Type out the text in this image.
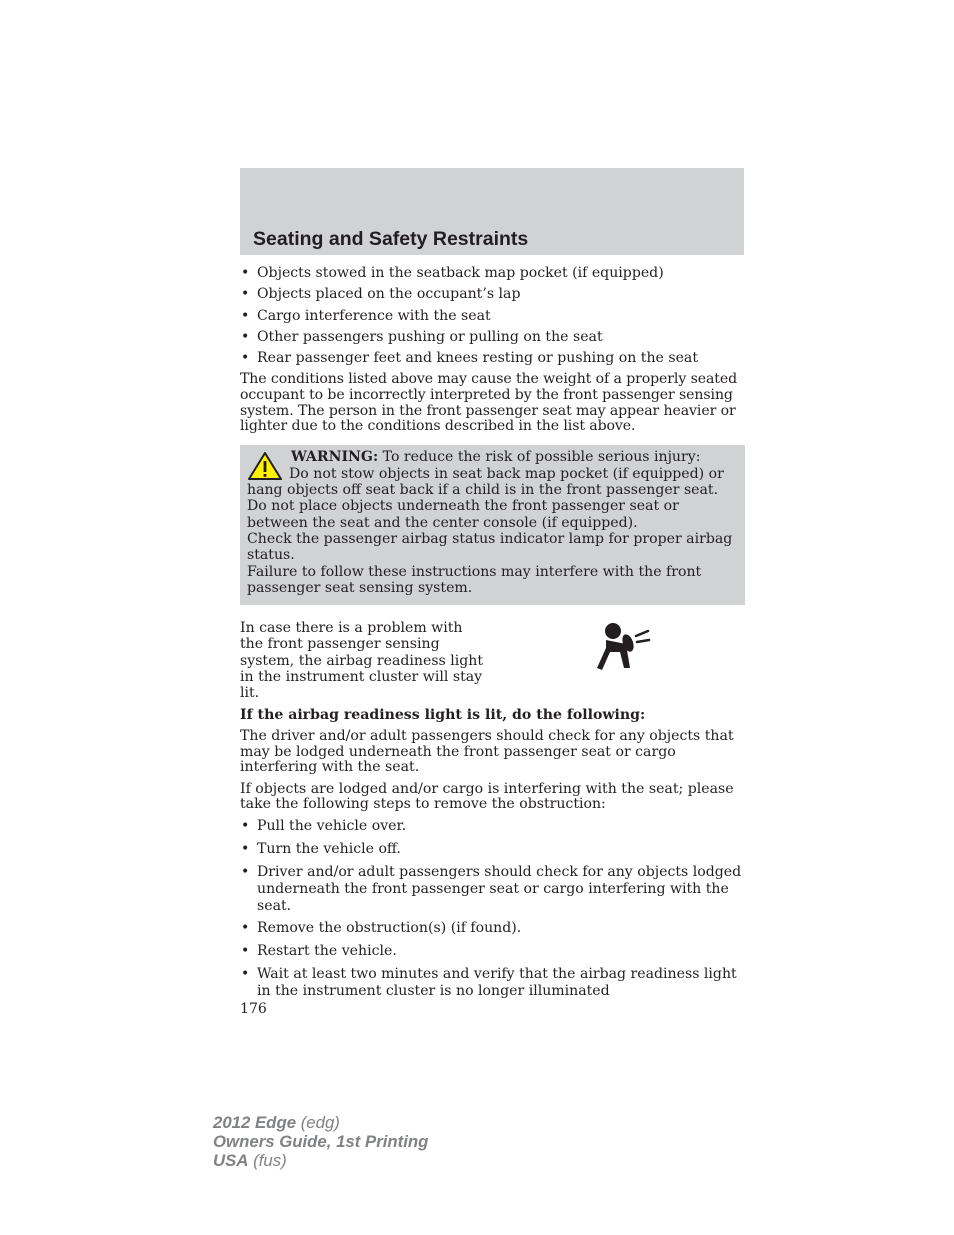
Seating and Safety Restraints
• Objects stowed in the seatback map pocket (if equipped)
• Objects placed on the occupant’s lap
• Cargo interference with the seat
• Other passengers pushing or pulling on the seat
• Rear passenger feet and knees resting or pushing on the seat

The conditions listed above may cause the weight of a properly seated occupant to be incorrectly interpreted by the front passenger sensing system. The person in the front passenger seat may appear heavier or lighter due to the conditions described in the list above.

WARNING: To reduce the risk of possible serious injury:
Do not stow objects in seat back map pocket (if equipped) or hang objects off seat back if a child is in the front passenger seat.
Do not place objects underneath the front passenger seat or between the seat and the center console (if equipped).
Check the passenger airbag status indicator lamp for proper airbag status.
Failure to follow these instructions may interfere with the front passenger seat sensing system.

In case there is a problem with the front passenger sensing system, the airbag readiness light in the instrument cluster will stay lit.

If the airbag readiness light is lit, do the following:

The driver and/or adult passengers should check for any objects that may be lodged underneath the front passenger seat or cargo interfering with the seat.

If objects are lodged and/or cargo is interfering with the seat; please take the following steps to remove the obstruction:

• Pull the vehicle over.
• Turn the vehicle off.
• Driver and/or adult passengers should check for any objects lodged underneath the front passenger seat or cargo interfering with the seat.
• Remove the obstruction(s) (if found).
• Restart the vehicle.
• Wait at least two minutes and verify that the airbag readiness light in the instrument cluster is no longer illuminated
176
2012 Edge (edg)
Owners Guide, 1st Printing
USA (fus)
